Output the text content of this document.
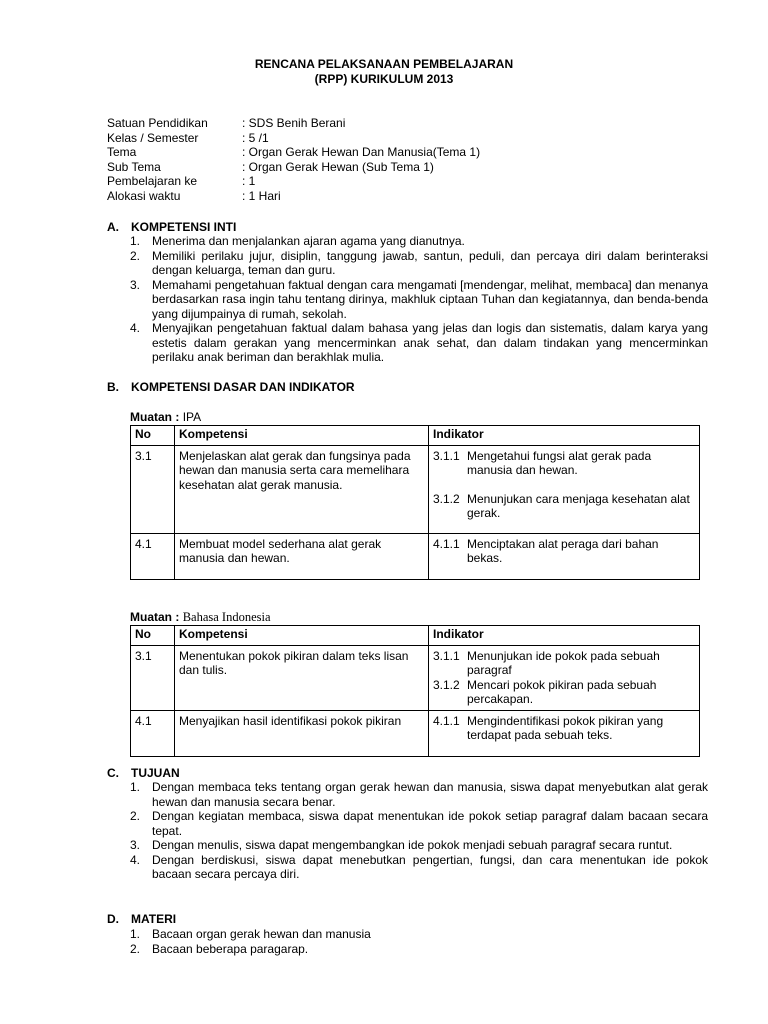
RENCANA PELAKSANAAN PEMBELAJARAN
(RPP) KURIKULUM 2013
Satuan Pendidikan	: SDS Benih Berani
Kelas / Semester	: 5 /1
Tema	: Organ Gerak Hewan Dan Manusia(Tema 1)
Sub Tema	: Organ Gerak Hewan (Sub Tema 1)
Pembelajaran ke	: 1
Alokasi waktu	: 1 Hari
A. KOMPETENSI INTI
1. Menerima dan menjalankan ajaran agama yang dianutnya.
2. Memiliki perilaku jujur, disiplin, tanggung jawab, santun, peduli, dan percaya diri dalam berinteraksi dengan keluarga, teman dan guru.
3. Memahami pengetahuan faktual dengan cara mengamati [mendengar, melihat, membaca] dan menanya berdasarkan rasa ingin tahu tentang dirinya, makhluk ciptaan Tuhan dan kegiatannya, dan benda-benda yang dijumpainya di rumah, sekolah.
4. Menyajikan pengetahuan faktual dalam bahasa yang jelas dan logis dan sistematis, dalam karya yang estetis dalam gerakan yang mencerminkan anak sehat, dan dalam tindakan yang mencerminkan perilaku anak beriman dan berakhlak mulia.
B. KOMPETENSI DASAR DAN INDIKATOR
Muatan : IPA
No	Kompetensi	Indikator
3.1	Menjelaskan alat gerak dan fungsinya pada hewan dan manusia serta cara memelihara kesehatan alat gerak manusia.	3.1.1 Mengetahui fungsi alat gerak pada manusia dan hewan.
3.1.2 Menunjukan cara menjaga kesehatan alat gerak.

4.1	Membuat model sederhana alat gerak manusia dan hewan.	4.1.1 Menciptakan alat peraga dari bahan bekas.
Muatan : Bahasa Indonesia
No	Kompetensi	Indikator
3.1	Menentukan pokok pikiran dalam teks lisan dan tulis.	3.1.1 Menunjukan ide pokok pada sebuah paragraf
3.1.2 Mencari pokok pikiran pada sebuah percakapan.

4.1	Menyajikan hasil identifikasi pokok pikiran	4.1.1 Mengindentifikasi pokok pikiran yang terdapat pada sebuah teks.
C. TUJUAN
1. Dengan membaca teks tentang organ gerak hewan dan manusia, siswa dapat menyebutkan alat gerak hewan dan manusia secara benar.
2. Dengan kegiatan membaca, siswa dapat menentukan ide pokok setiap paragraf dalam bacaan secara tepat.
3. Dengan menulis, siswa dapat mengembangkan ide pokok menjadi sebuah paragraf secara runtut.
4. Dengan berdiskusi, siswa dapat menebutkan pengertian, fungsi, dan cara menentukan ide pokok bacaan secara percaya diri.
D. MATERI
1. Bacaan organ gerak hewan dan manusia
2. Bacaan beberapa paragarap.
